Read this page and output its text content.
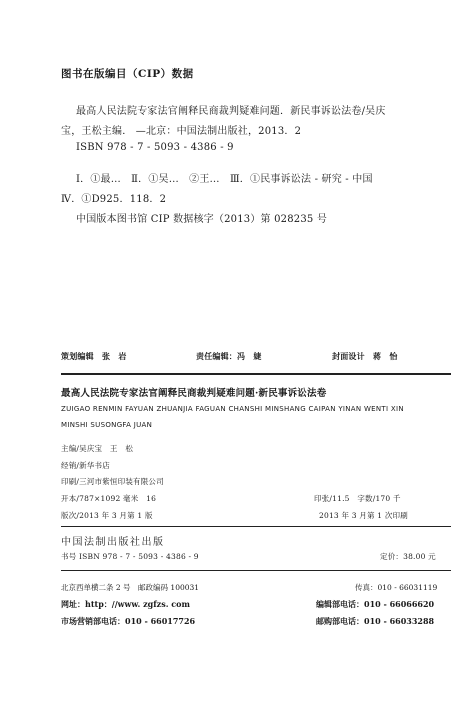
图书在版编目（CIP）数据
最高人民法院专家法官阐释民商裁判疑难问题．新民事诉讼法卷/吴庆
宝，王松主编． —北京：中国法制出版社，2013．2
ISBN 978 - 7 - 5093 - 4386 - 9
Ⅰ．①最…　Ⅱ．①吴…　②王…　Ⅲ．①民事诉讼法 - 研究 - 中国
Ⅳ．①D925．118．2
中国版本图书馆 CIP 数据核字（2013）第 028235 号
策划编辑　张　岩	责任编辑：冯　婕	封面设计　蒋　怡
最高人民法院专家法官阐释民商裁判疑难问题·新民事诉讼法卷
ZUIGAO RENMIN FAYUAN ZHUANJIA FAGUAN CHANSHI MINSHANG CAIPAN YINAN WENTI XIN
MINSHI SUSONGFA JUAN
主编/吴庆宝　王　松
经销/新华书店
印刷/三河市紫恒印装有限公司
开本/787×1092 毫米　16	印张/11.5　字数/170 千
版次/2013 年 3 月第 1 版	2013 年 3 月第 1 次印刷
中国法制出版社出版
书号 ISBN 978 - 7 - 5093 - 4386 - 9	定价：38.00 元
北京西单横二条 2 号　邮政编码 100031	传真：010 - 66031119
网址：http：//www. zgfzs. com	编辑部电话：010 - 66066620
市场营销部电话：010 - 66017726	邮购部电话：010 - 66033288
